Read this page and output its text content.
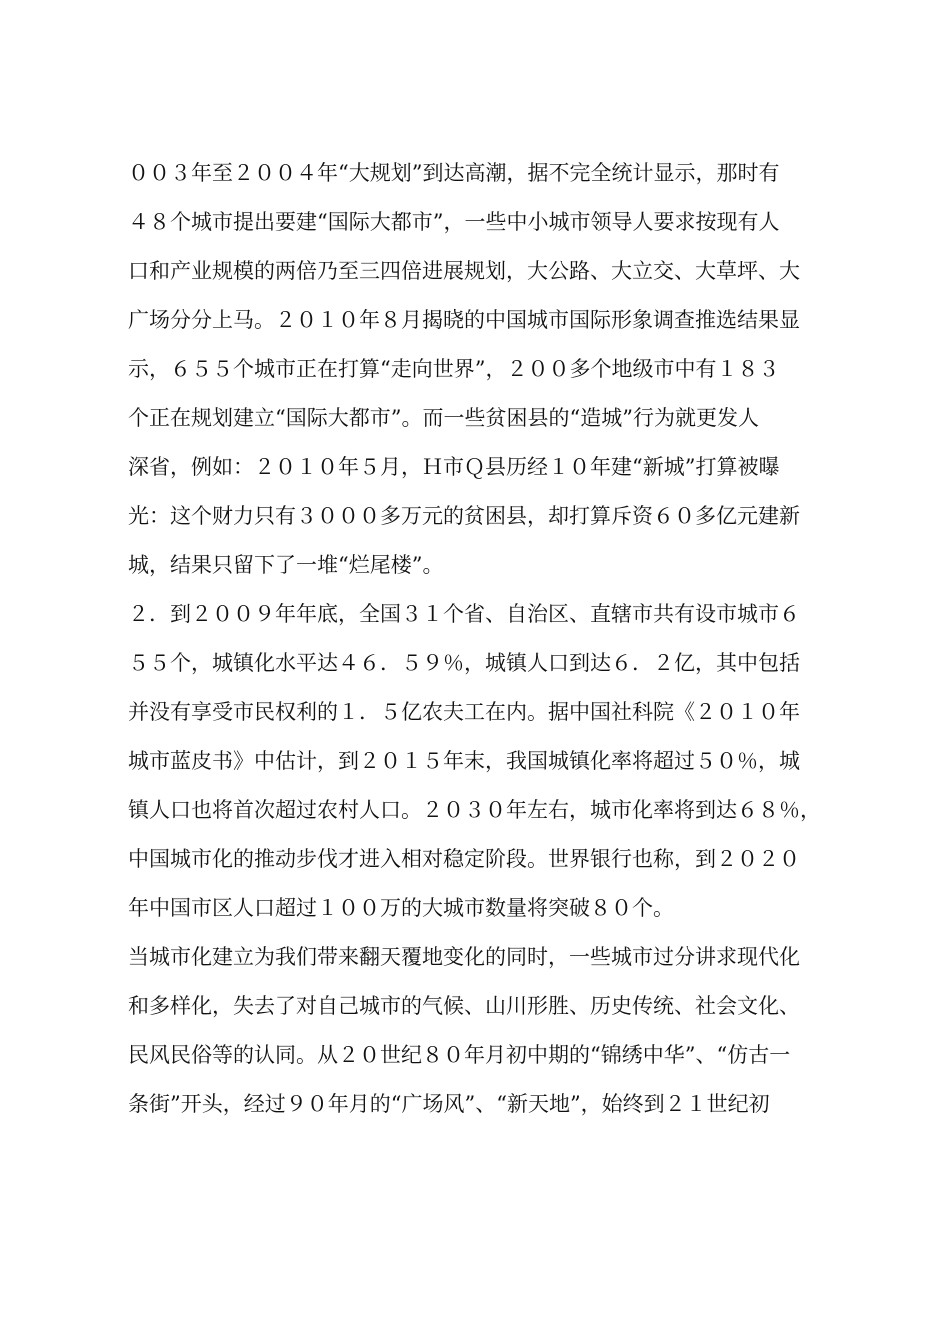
００３年至２００４年“大规划”到达高潮，据不完全统计显示，那时有
４８个城市提出要建“国际大都市”，一些中小城市领导人要求按现有人
口和产业规模的两倍乃至三四倍进展规划，大公路、大立交、大草坪、大
广场分分上马。２０１０年８月揭晓的中国城市国际形象调查推选结果显
示，６５５个城市正在打算“走向世界”，２００多个地级市中有１８３
个正在规划建立“国际大都市”。而一些贫困县的“造城”行为就更发人
深省，例如：２０１０年５月，Ｈ市Ｑ县历经１０年建“新城”打算被曝
光：这个财力只有３０００多万元的贫困县，却打算斥资６０多亿元建新
城，结果只留下了一堆“烂尾楼”。
２．到２００９年年底，全国３１个省、自治区、直辖市共有设市城市６
５５个，城镇化水平达４６．５９％，城镇人口到达６．２亿，其中包括
并没有享受市民权利的１．５亿农夫工在内。据中国社科院《２０１０年
城市蓝皮书》中估计，到２０１５年末，我国城镇化率将超过５０％，城
镇人口也将首次超过农村人口。２０３０年左右，城市化率将到达６８％，
中国城市化的推动步伐才进入相对稳定阶段。世界银行也称，到２０２０
年中国市区人口超过１００万的大城市数量将突破８０个。
当城市化建立为我们带来翻天覆地变化的同时，一些城市过分讲求现代化
和多样化，失去了对自己城市的气候、山川形胜、历史传统、社会文化、
民风民俗等的认同。从２０世纪８０年月初中期的“锦绣中华”、“仿古一
条街”开头，经过９０年月的“广场风”、“新天地”，始终到２１世纪初
